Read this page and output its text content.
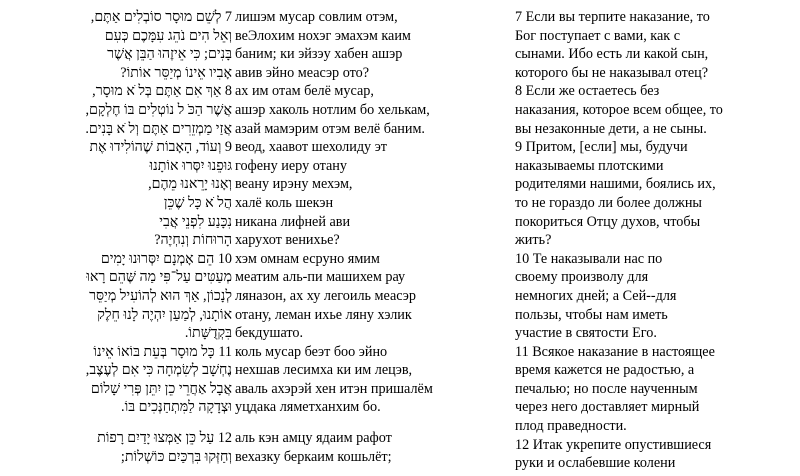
7 לְשֵׁם מוּסָר סוֹבְלִים אַתֶּם,
וְאֵל הִים נֹהֵג עִמָּכֶם כְּעִם
בָּנִים; כִּי אֵיזֶהוּ הַבֵּן אֲשֶׁר
אָבִיו אֵינוֹ מְיַסֵּר אוֹתוֹ?
8 אַךְ אִם אַתֶּם בְּל ֹא מוּסָר,
אֲשֶׁר הַכֹּ ל נוֹטְלִים בּוֹ חֶלְקָם,
אֲזַי מַמְזֵרִים אַתֶּם וְל ֹא בָּנִים.
9 וְעוֹד, הָאָבוֹת שֶׁהוֹלִידוּ אֶת
גּוּפֵנוּ יִסְּרוּ אוֹתָנוּ
וְאָנוּ יָרֵאנוּ מֵהֶם,
הֲל ֹא כָּל שֶׁכֵּן
נִכָּנַע לִפְנֵי אֲבִי
הָרוּחוֹת וְנִחְיֶה?
10 הֵם אָמְנָם יִסְּרוּנוּ יָמִים
מְעַטִּים עַל־פִּי מַה שֶּׁהֵם רָאוּ
לְנָכוֹן, אַךְ הוּא לְהוֹעִיל מְיַסֵּר
אוֹתָנוּ, לְמַעַן יִהְיֶה לָנוּ חֵלֶק
בִּקְדֻשָּׁתוֹ.
11 כָּל מוּסָר בְּעֵת בּוֹאוֹ אֵינוֹ
נֶחְשָׁב לְשִׂמְחָה כִּי אִם לְעֶצֶב,
אֲבָל אַחֲרֵי כֵן יִתֵּן פְּרִי שָׁלוֹם
וּצְדָקָה לַמִּתְחַנְּכִים בּוֹ.
12 עַל כֵּן אַמְּצוּ יָדַיִם רָפוֹת
וְחַזְּקוּ בִּרְכַּיִם כּוֹשְׁלוֹת;
лишэм мусар совлим отэм,
веЭлохим нохэг эмахэм каим
баним; ки эйзэу хабен ашэр
авив эйно меасэр ото?
ах им отам белё мусар,
ашэр хаколь нотлим бо хелькам,
азай мамэрим отэм велё баним.
веод, хаавот шехолиду эт
гофену иеру отану
веану ирэну мехэм,
халё коль шекэн
никана лифней ави
харухот венихье?
хэм омнам есруно ямим
меатим аль-пи машихем рау
ляназон, ах ху легоиль меасэр
отану, леман ихье ляну хэлик
бекдушато.
коль мусар беэт боо эйно
нехшав лесимха ки им лецэв,
аваль ахэрэй хен итэн пришалём
уцдака ляметханхим бо.
аль кэн амцу ядаим рафот
вехазку беркаим кошьлёт;
7 Если вы терпите наказание, то
Бог поступает с вами, как с
сынами. Ибо есть ли какой сын,
которого бы не наказывал отец?
8 Если же остаетесь без
наказания, которое всем общее, то
вы незаконные дети, а не сыны.
9 Притом, [если] мы, будучи
наказываемы плотскими
родителями нашими, боялись их,
то не гораздо ли более должны
покориться Отцу духов, чтобы
жить?
10 Те наказывали нас по
своему произволу для
немногих дней; а Сей--для
пользы, чтобы нам иметь
участие в святости Его.
11 Всякое наказание в настоящее
время кажется не радостью, а
печалью; но после наученным
через него доставляет мирный
плод праведности.
12 Итак укрепите опустившиеся
руки и ослабевшие колени
